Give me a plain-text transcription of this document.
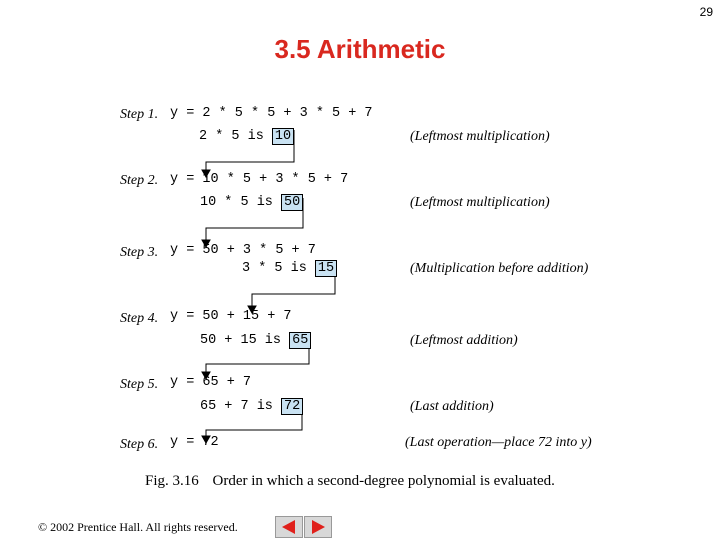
29
3.5 Arithmetic
Step 1. y = 2 * 5 * 5 + 3 * 5 + 7
2 * 5 is 10	(Leftmost multiplication)
Step 2. y = 10 * 5 + 3 * 5 + 7
10 * 5 is 50	(Leftmost multiplication)
Step 3. y = 50 + 3 * 5 + 7
3 * 5 is 15	(Multiplication before addition)
Step 4. y = 50 + 15 + 7
50 + 15 is 65	(Leftmost addition)
Step 5. y = 65 + 7
65 + 7 is 72	(Last addition)
Step 6. y = 72	(Last operation—place 72 into y)
Fig. 3.16 Order in which a second-degree polynomial is evaluated.
© 2002 Prentice Hall. All rights reserved.
